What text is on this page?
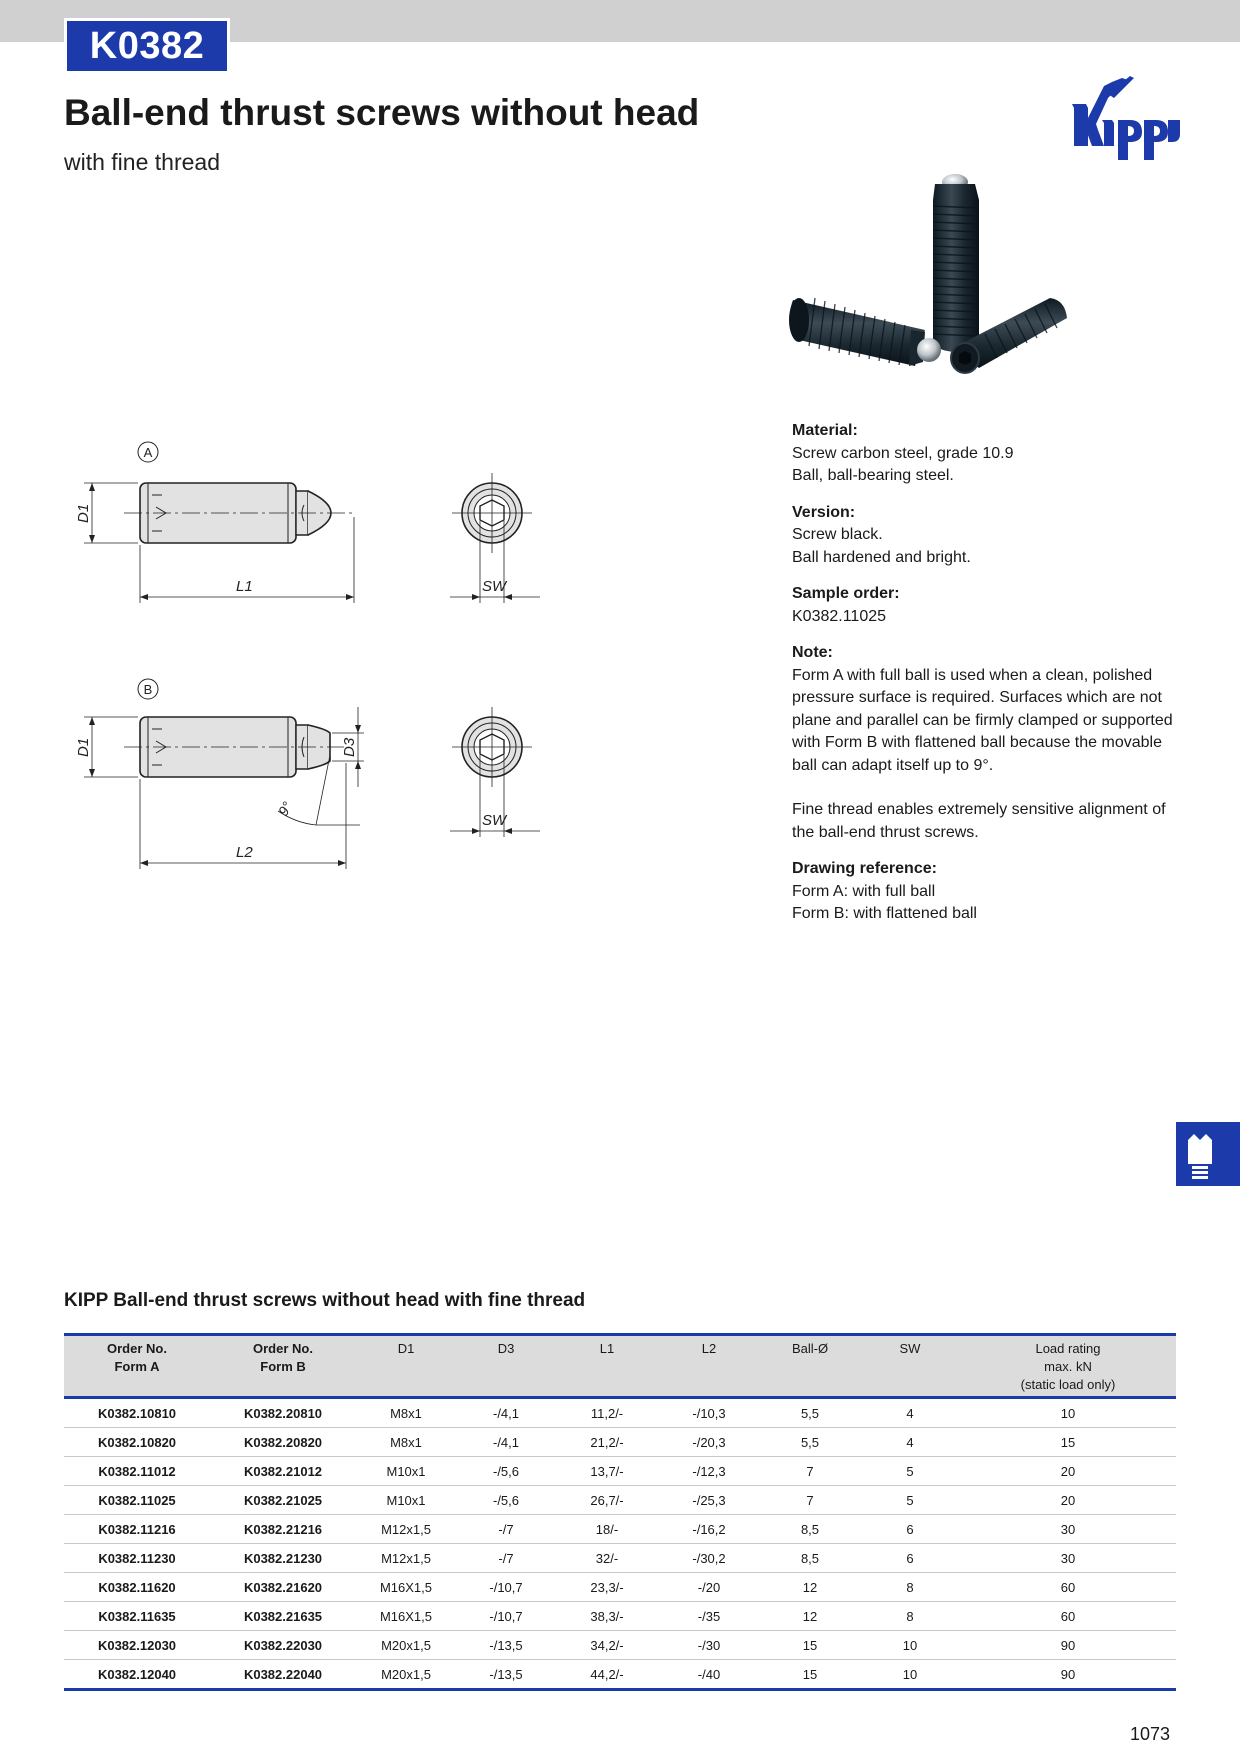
K0382
Ball-end thrust screws without head
with fine thread
A
D1
L1	SW
B
D1	D3
9°
L2
SW
Material:
Screw carbon steel, grade 10.9
Ball, ball-bearing steel.
Version:
Screw black.
Ball hardened and bright.
Sample order:
K0382.11025
Note:
Form A with full ball is used when a clean, polished
pressure surface is required. Surfaces which are not
plane and parallel can be firmly clamped or supported
with Form B with flattened ball because the movable
ball can adapt itself up to 9°.
Fine thread enables extremely sensitive alignment of
the ball-end thrust screws.
Drawing reference:
Form A: with full ball
Form B: with flattened ball
KIPP Ball-end thrust screws without head with fine thread
Order No.
Form A	Order No.
Form B	D1	D3	L1	L2	Ball-Ø	SW	Load rating
max. kN
(static load only)
K0382.10810	K0382.20810	M8x1	-/4,1	11,2/-	-/10,3	5,5	4	10
K0382.10820	K0382.20820	M8x1	-/4,1	21,2/-	-/20,3	5,5	4	15
K0382.11012	K0382.21012	M10x1	-/5,6	13,7/-	-/12,3	7	5	20
K0382.11025	K0382.21025	M10x1	-/5,6	26,7/-	-/25,3	7	5	20
K0382.11216	K0382.21216	M12x1,5	-/7	18/-	-/16,2	8,5	6	30
K0382.11230	K0382.21230	M12x1,5	-/7	32/-	-/30,2	8,5	6	30
K0382.11620	K0382.21620	M16X1,5	-/10,7	23,3/-	-/20	12	8	60
K0382.11635	K0382.21635	M16X1,5	-/10,7	38,3/-	-/35	12	8	60
K0382.12030	K0382.22030	M20x1,5	-/13,5	34,2/-	-/30	15	10	90
K0382.12040	K0382.22040	M20x1,5	-/13,5	44,2/-	-/40	15	10	90
1073
